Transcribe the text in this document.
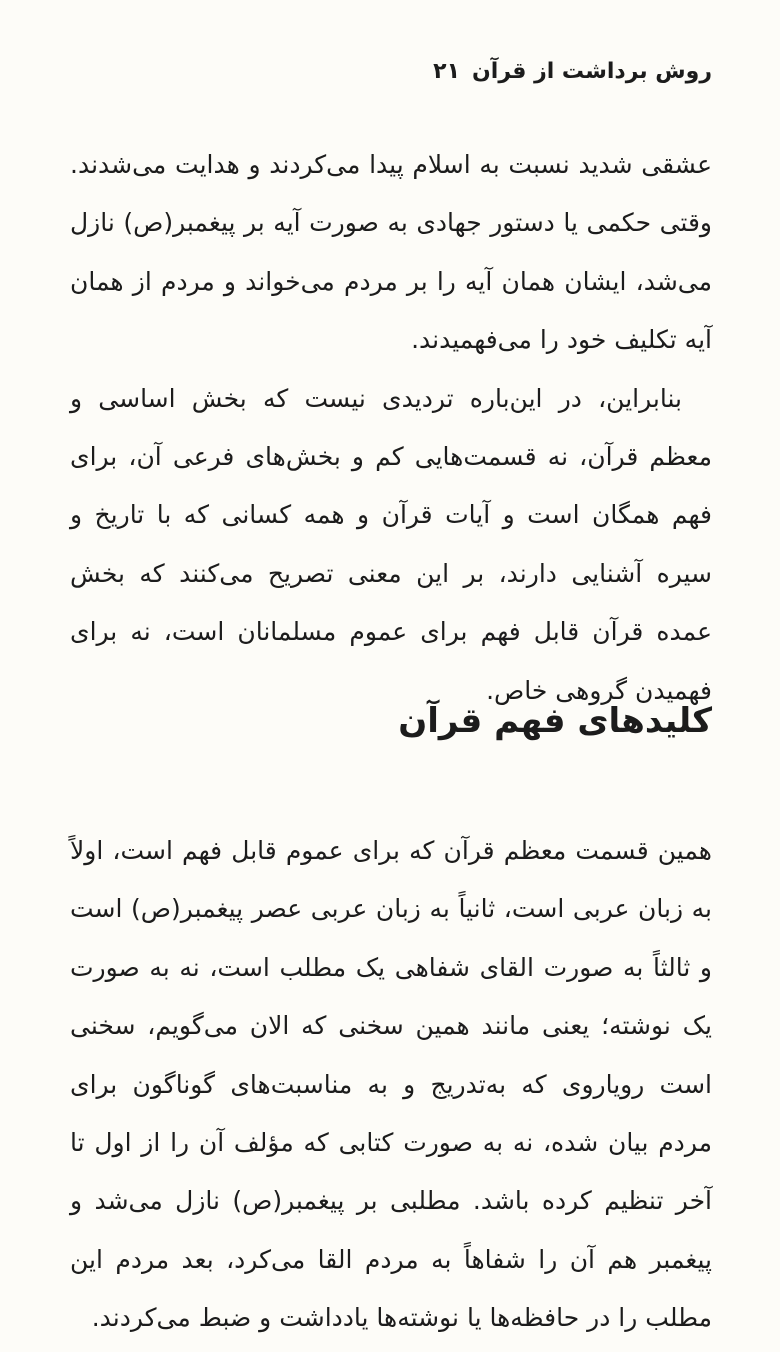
روش برداشت از قرآن۲۱

عشقی شدید نسبت به اسلام پیدا می‌کردند و هدایت می‌شدند. وقتی حکمی یا دستور جهادی به صورت آیه بر پیغمبر(ص) نازل می‌شد، ایشان همان آیه را بر مردم می‌خواند و مردم از همان آیه تکلیف خود را می‌فهمیدند.

بنابراین، در این‌باره تردیدی نیست که بخش اساسی و معظم قرآن، نه قسمت‌هایی کم و بخش‌های فرعی آن، برای فهم همگان است و آیات قرآن و همه کسانی که با تاریخ و سیره آشنایی دارند، بر این معنی تصریح می‌کنند که بخش عمده قرآن قابل فهم برای عموم مسلمانان است، نه برای فهمیدن گروهی خاص.

کلیدهای فهم قرآن

همین قسمت معظم قرآن که برای عموم قابل فهم است، اولاً به زبان عربی است، ثانیاً به زبان عربی عصر پیغمبر(ص) است و ثالثاً به صورت القای شفاهی یک مطلب است، نه به صورت یک نوشته؛ یعنی مانند همین سخنی که الان می‌گویم، سخنی است رویاروی که به‌تدریج و به مناسبت‌های گوناگون برای مردم بیان شده، نه به صورت کتابی که مؤلف آن را از اول تا آخر تنظیم کرده باشد. مطلبی بر پیغمبر(ص) نازل می‌شد و پیغمبر هم آن را شفاهاً به مردم القا می‌کرد، بعد مردم این مطلب را در حافظه‌ها یا نوشته‌ها یادداشت و ضبط می‌کردند.
